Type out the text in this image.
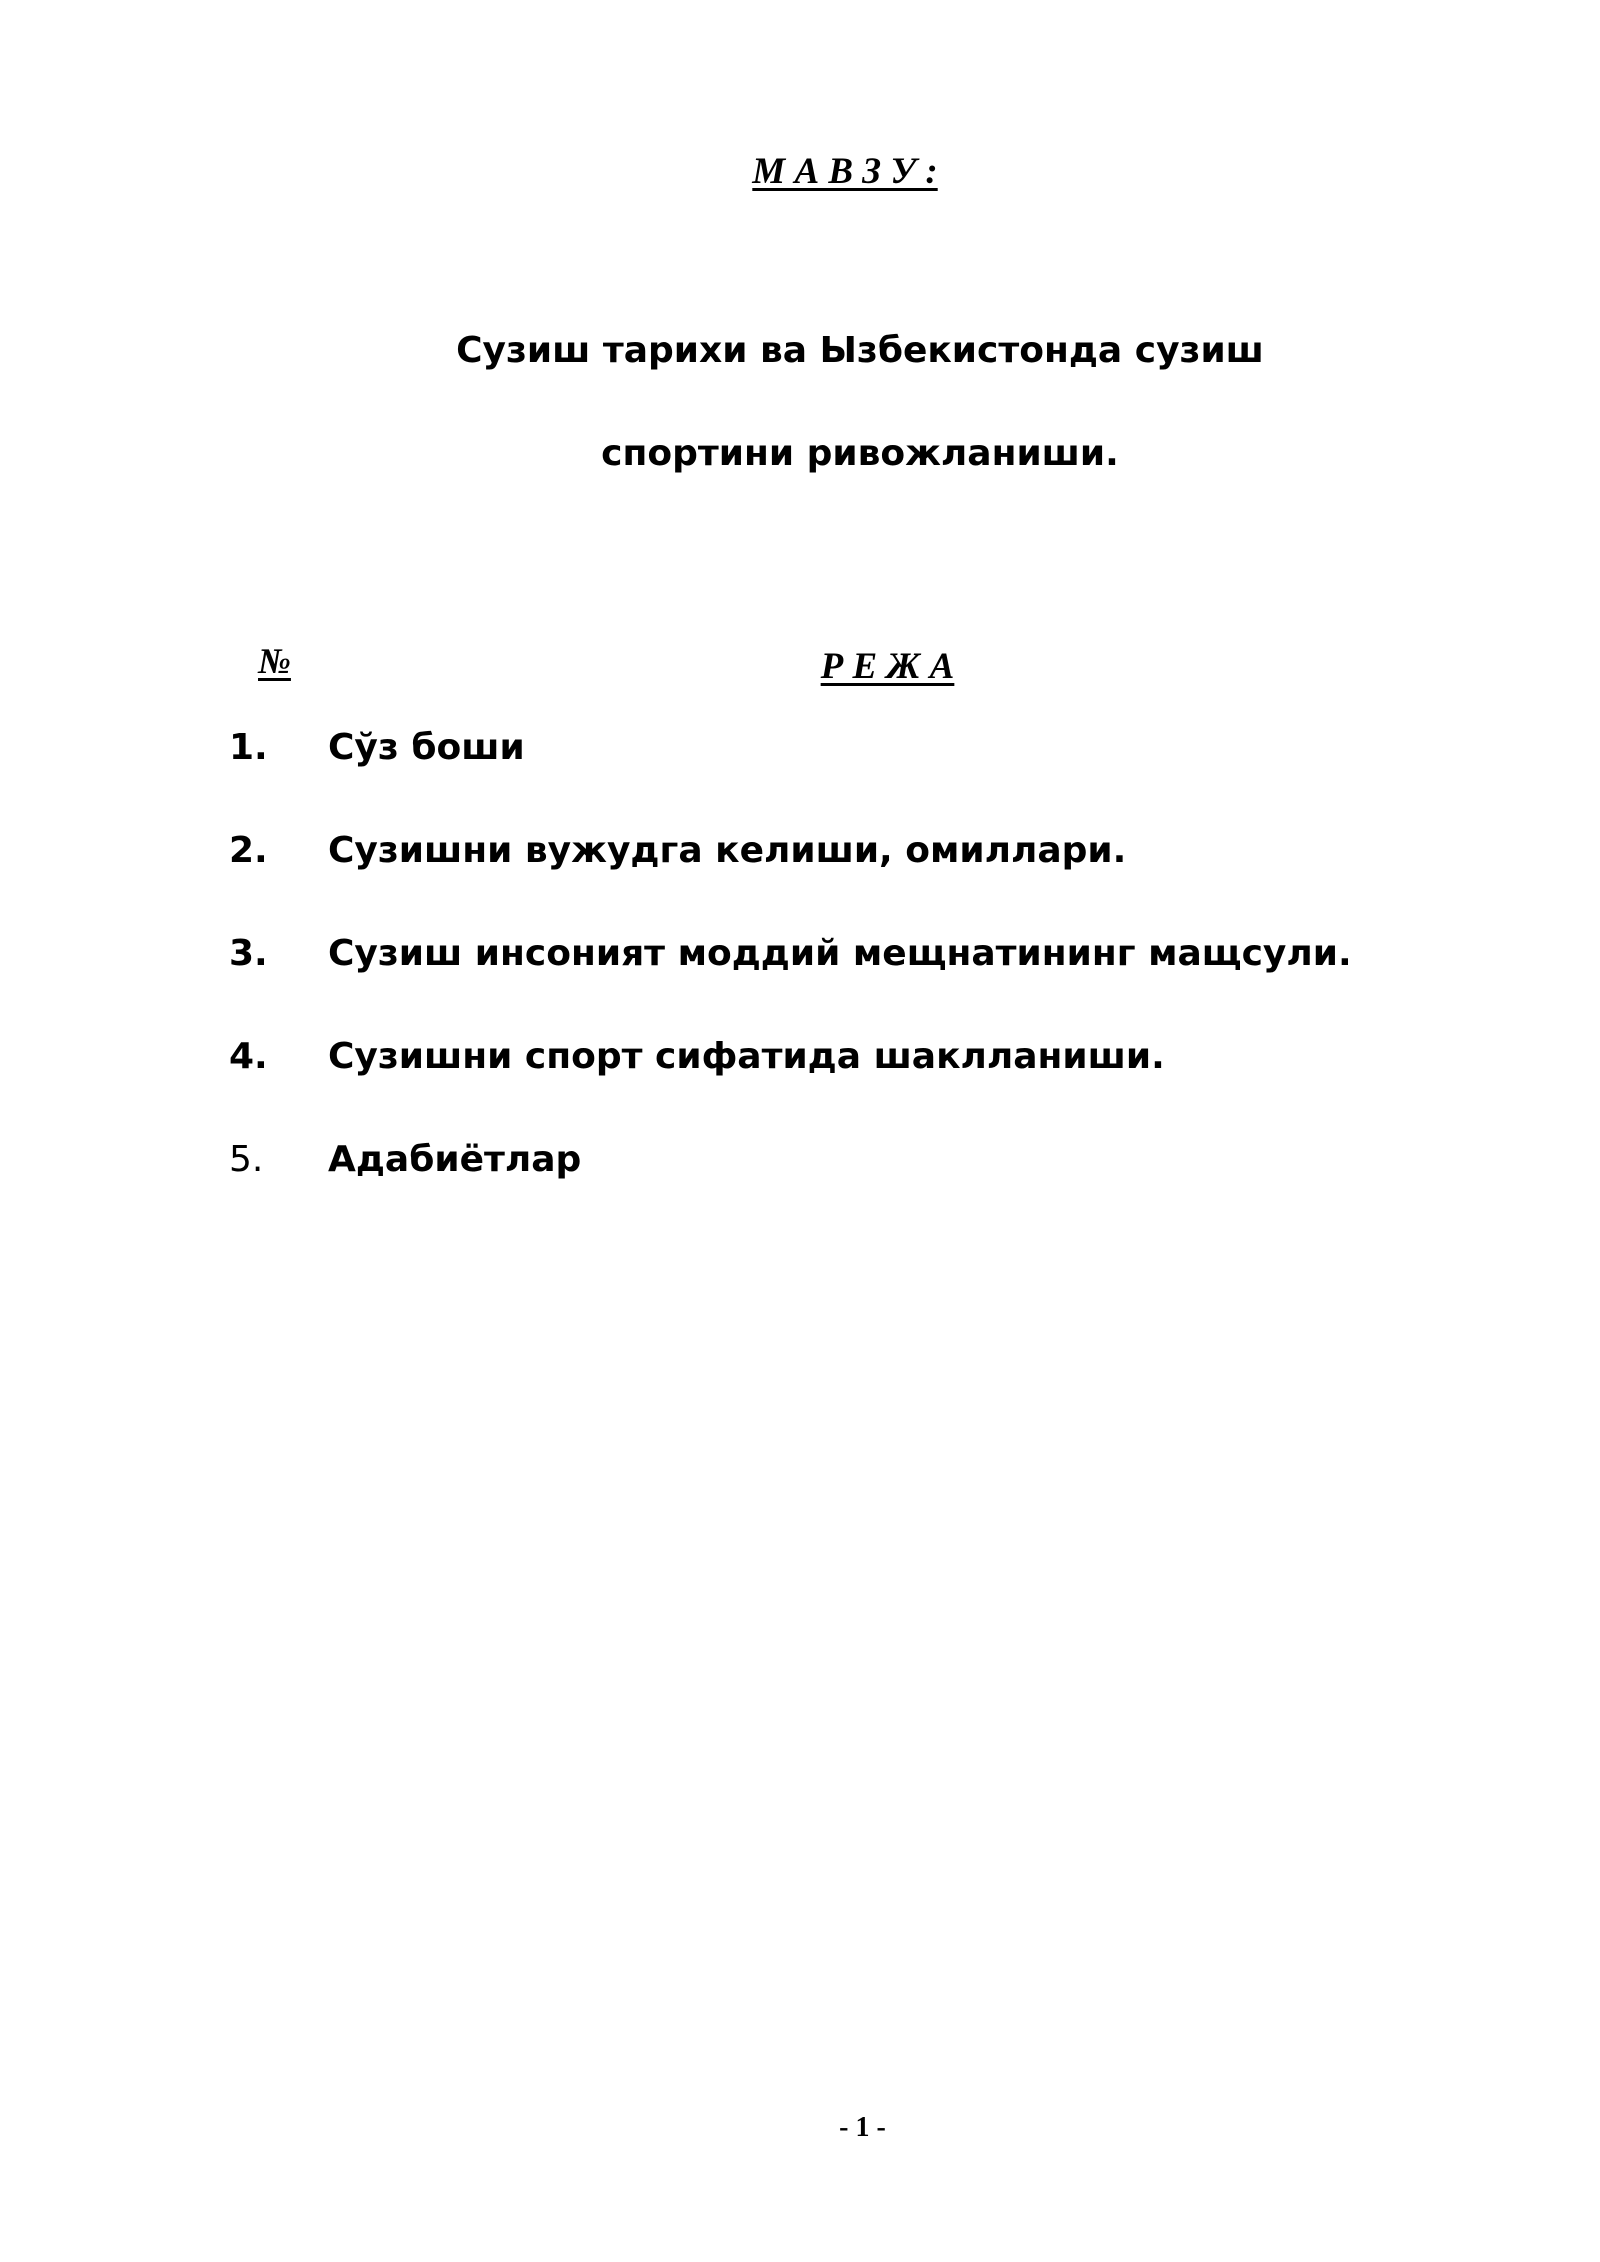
М А В З У :
Сузиш тарихи ва Ызбекистонда сузиш
спортини ривожланиши.
№	Р Е Ж А
1. Сўз боши
2. Сузишни вужудга келиши, омиллари.
3. Сузиш инсоният моддий мещнатининг мащсули.
4. Сузишни спорт сифатида шаклланиши.
5. Адабиётлар
- 1 -
